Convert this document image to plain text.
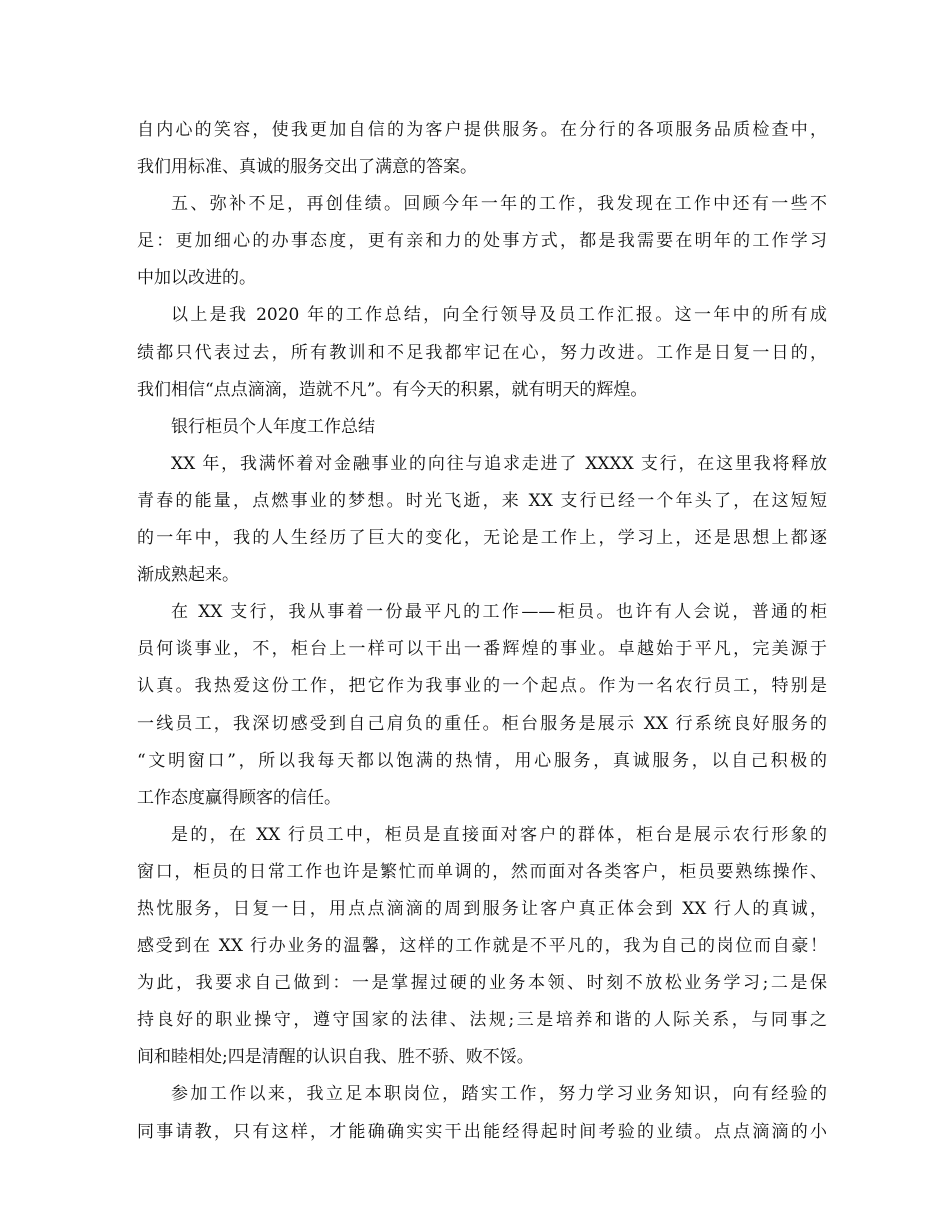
自内心的笑容，使我更加自信的为客户提供服务。在分行的各项服务品质检查中，
我们用标准、真诚的服务交出了满意的答案。
五、弥补不足，再创佳绩。回顾今年一年的工作，我发现在工作中还有一些不
足：更加细心的办事态度，更有亲和力的处事方式，都是我需要在明年的工作学习
中加以改进的。
以上是我 2020 年的工作总结，向全行领导及员工作汇报。这一年中的所有成
绩都只代表过去，所有教训和不足我都牢记在心，努力改进。工作是日复一日的，
我们相信“点点滴滴，造就不凡”。有今天的积累，就有明天的辉煌。
银行柜员个人年度工作总结
XX 年，我满怀着对金融事业的向往与追求走进了 XXXX 支行，在这里我将释放
青春的能量，点燃事业的梦想。时光飞逝，来 XX 支行已经一个年头了，在这短短
的一年中，我的人生经历了巨大的变化，无论是工作上，学习上，还是思想上都逐
渐成熟起来。
在 XX 支行，我从事着一份最平凡的工作——柜员。也许有人会说，普通的柜
员何谈事业，不，柜台上一样可以干出一番辉煌的事业。卓越始于平凡，完美源于
认真。我热爱这份工作，把它作为我事业的一个起点。作为一名农行员工，特别是
一线员工，我深切感受到自己肩负的重任。柜台服务是展示 XX 行系统良好服务的
“文明窗口”，所以我每天都以饱满的热情，用心服务，真诚服务，以自己积极的
工作态度赢得顾客的信任。
是的，在 XX 行员工中，柜员是直接面对客户的群体，柜台是展示农行形象的
窗口，柜员的日常工作也许是繁忙而单调的，然而面对各类客户，柜员要熟练操作、
热忱服务，日复一日，用点点滴滴的周到服务让客户真正体会到 XX 行人的真诚，
感受到在 XX 行办业务的温馨，这样的工作就是不平凡的，我为自己的岗位而自豪！
为此，我要求自己做到：一是掌握过硬的业务本领、时刻不放松业务学习;二是保
持良好的职业操守，遵守国家的法律、法规;三是培养和谐的人际关系，与同事之
间和睦相处;四是清醒的认识自我、胜不骄、败不馁。
参加工作以来，我立足本职岗位，踏实工作，努力学习业务知识，向有经验的
同事请教，只有这样，才能确确实实干出能经得起时间考验的业绩。点点滴滴的小
